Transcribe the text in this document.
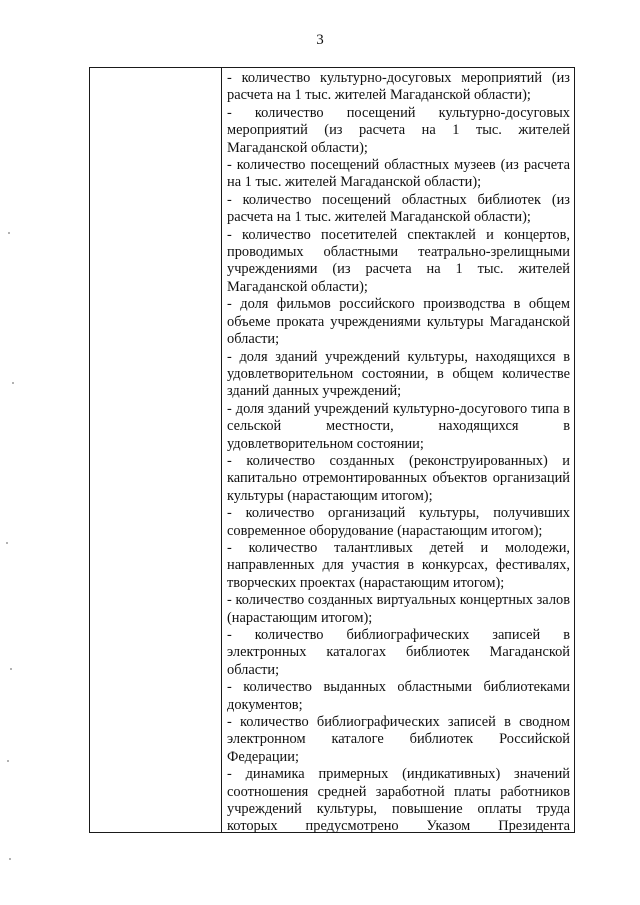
3
- количество культурно-досуговых мероприятий (из расчета на 1 тыс. жителей Магаданской области);
- количество посещений культурно-досуговых мероприятий (из расчета на 1 тыс. жителей Магаданской области);
- количество посещений областных музеев (из расчета на 1 тыс. жителей Магаданской области);
- количество посещений областных библиотек (из расчета на 1 тыс. жителей Магаданской области);
- количество посетителей спектаклей и концертов, проводимых областными театрально-зрелищными учреждениями (из расчета на 1 тыс. жителей Магаданской области);
- доля фильмов российского производства в общем объеме проката учреждениями культуры Магаданской области;
- доля зданий учреждений культуры, находящихся в удовлетворительном состоянии, в общем количестве зданий данных учреждений;
- доля зданий учреждений культурно-досугового типа в сельской местности, находящихся в удовлетворительном состоянии;
- количество созданных (реконструированных) и капитально отремонтированных объектов организаций культуры (нарастающим итогом);
- количество организаций культуры, получивших современное оборудование (нарастающим итогом);
- количество талантливых детей и молодежи, направленных для участия в конкурсах, фестивалях, творческих проектах (нарастающим итогом);
- количество созданных виртуальных концертных залов (нарастающим итогом);
- количество библиографических записей в электронных каталогах библиотек Магаданской области;
- количество выданных областными библиотеками документов;
- количество библиографических записей в сводном электронном каталоге библиотек Российской Федерации;
- динамика примерных (индикативных) значений соотношения средней заработной платы работников учреждений культуры, повышение оплаты труда которых предусмотрено Указом Президента
